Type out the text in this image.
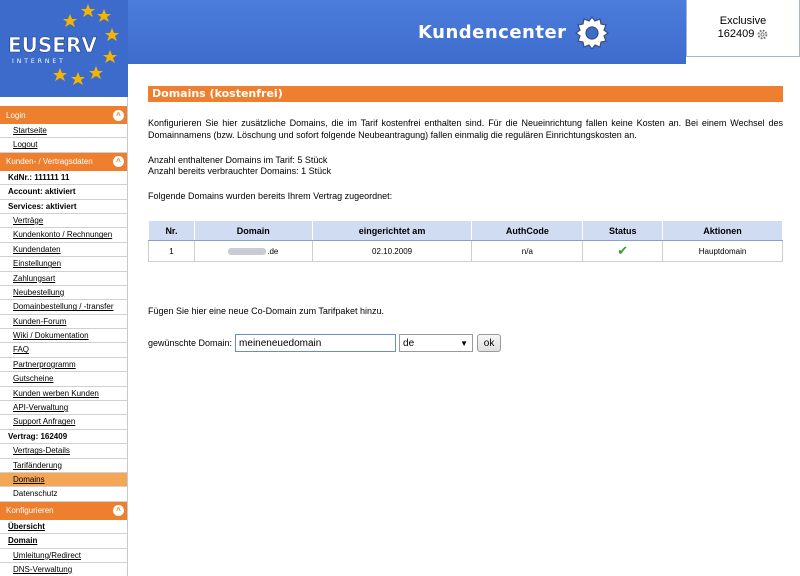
EUSERV
INTERNET
Kundencenter
Exclusive
162409
Login	^
Startseite
Logout
Kunden- / Vertragsdaten	^
KdNr.: 111111 11
Account: aktiviert
Services: aktiviert
Verträge
Kundenkonto / Rechnungen
Kundendaten
Einstellungen
Zahlungsart
Neubestellung
Domainbestellung / -transfer
Kunden-Forum
Wiki / Dokumentation
FAQ
Partnerprogramm
Gutscheine
Kunden werben Kunden
API-Verwaltung
Support Anfragen
Vertrag: 162409
Vertrags-Details
Tarifänderung
Domains
Datenschutz
Konfigurieren	^
Übersicht
Domain
Umleitung/Redirect
DNS-Verwaltung
Domains (kostenfrei)
Konfigurieren Sie hier zusätzliche Domains, die im Tarif kostenfrei enthalten sind. Für die Neueinrichtung fallen keine Kosten an. Bei einem Wechsel des Domainnamens (bzw. Löschung und sofort folgende Neubeantragung) fallen einmalig die regulären Einrichtungskosten an.
Anzahl enthaltener Domains im Tarif: 5 Stück
Anzahl bereits verbrauchter Domains: 1 Stück
Folgende Domains wurden bereits Ihrem Vertrag zugeordnet:
Nr.	Domain	eingerichtet am	AuthCode	Status	Aktionen
1	.de	02.10.2009	n/a	✔	Hauptdomain
Fügen Sie hier eine neue Co-Domain zum Tarifpaket hinzu.
gewünschte Domain:
meineneuedomain	de	▼	ok
